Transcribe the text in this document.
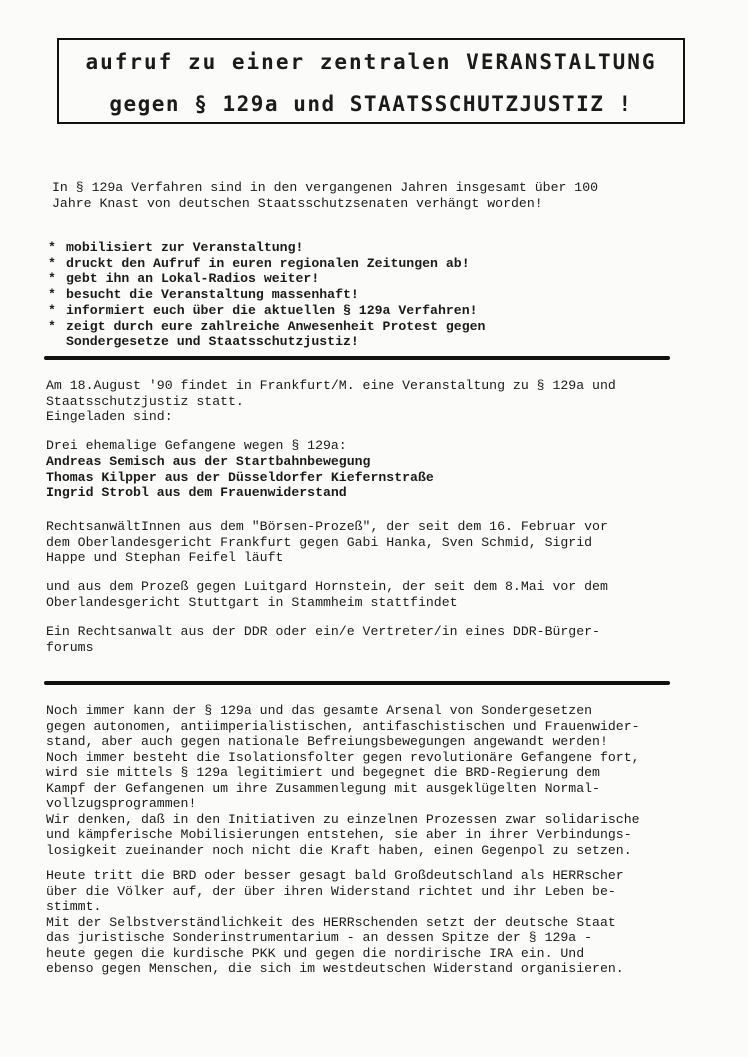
aufruf zu einer zentralen VERANSTALTUNG
gegen § 129a und STAATSSCHUTZJUSTIZ !
In § 129a Verfahren sind in den vergangenen Jahren insgesamt über 100
Jahre Knast von deutschen Staatsschutzsenaten verhängt worden!
* mobilisiert zur Veranstaltung!
* druckt den Aufruf in euren regionalen Zeitungen ab!
* gebt ihn an Lokal-Radios weiter!
* besucht die Veranstaltung massenhaft!
* informiert euch über die aktuellen § 129a Verfahren!
* zeigt durch eure zahlreiche Anwesenheit Protest gegen
Sondergesetze und Staatsschutzjustiz!
Am 18.August '90 findet in Frankfurt/M. eine Veranstaltung zu § 129a und
Staatsschutzjustiz statt.
Eingeladen sind:
Drei ehemalige Gefangene wegen § 129a:
Andreas Semisch aus der Startbahnbewegung
Thomas Kilpper aus der Düsseldorfer Kiefernstraße
Ingrid Strobl aus dem Frauenwiderstand
RechtsanwältInnen aus dem "Börsen-Prozeß", der seit dem 16. Februar vor
dem Oberlandesgericht Frankfurt gegen Gabi Hanka, Sven Schmid, Sigrid
Happe und Stephan Feifel läuft
und aus dem Prozeß gegen Luitgard Hornstein, der seit dem 8.Mai vor dem
Oberlandesgericht Stuttgart in Stammheim stattfindet
Ein Rechtsanwalt aus der DDR oder ein/e Vertreter/in eines DDR-Bürger-
forums
Noch immer kann der § 129a und das gesamte Arsenal von Sondergesetzen
gegen autonomen, antiimperialistischen, antifaschistischen und Frauenwider-
stand, aber auch gegen nationale Befreiungsbewegungen angewandt werden!
Noch immer besteht die Isolationsfolter gegen revolutionäre Gefangene fort,
wird sie mittels § 129a legitimiert und begegnet die BRD-Regierung dem
Kampf der Gefangenen um ihre Zusammenlegung mit ausgeklügelten Normal-
vollzugsprogrammen!
Wir denken, daß in den Initiativen zu einzelnen Prozessen zwar solidarische
und kämpferische Mobilisierungen entstehen, sie aber in ihrer Verbindungs-
losigkeit zueinander noch nicht die Kraft haben, einen Gegenpol zu setzen.
Heute tritt die BRD oder besser gesagt bald Großdeutschland als HERRscher
über die Völker auf, der über ihren Widerstand richtet und ihr Leben be-
stimmt.
Mit der Selbstverständlichkeit des HERRschenden setzt der deutsche Staat
das juristische Sonderinstrumentarium - an dessen Spitze der § 129a -
heute gegen die kurdische PKK und gegen die nordirische IRA ein. Und
ebenso gegen Menschen, die sich im westdeutschen Widerstand organisieren.
